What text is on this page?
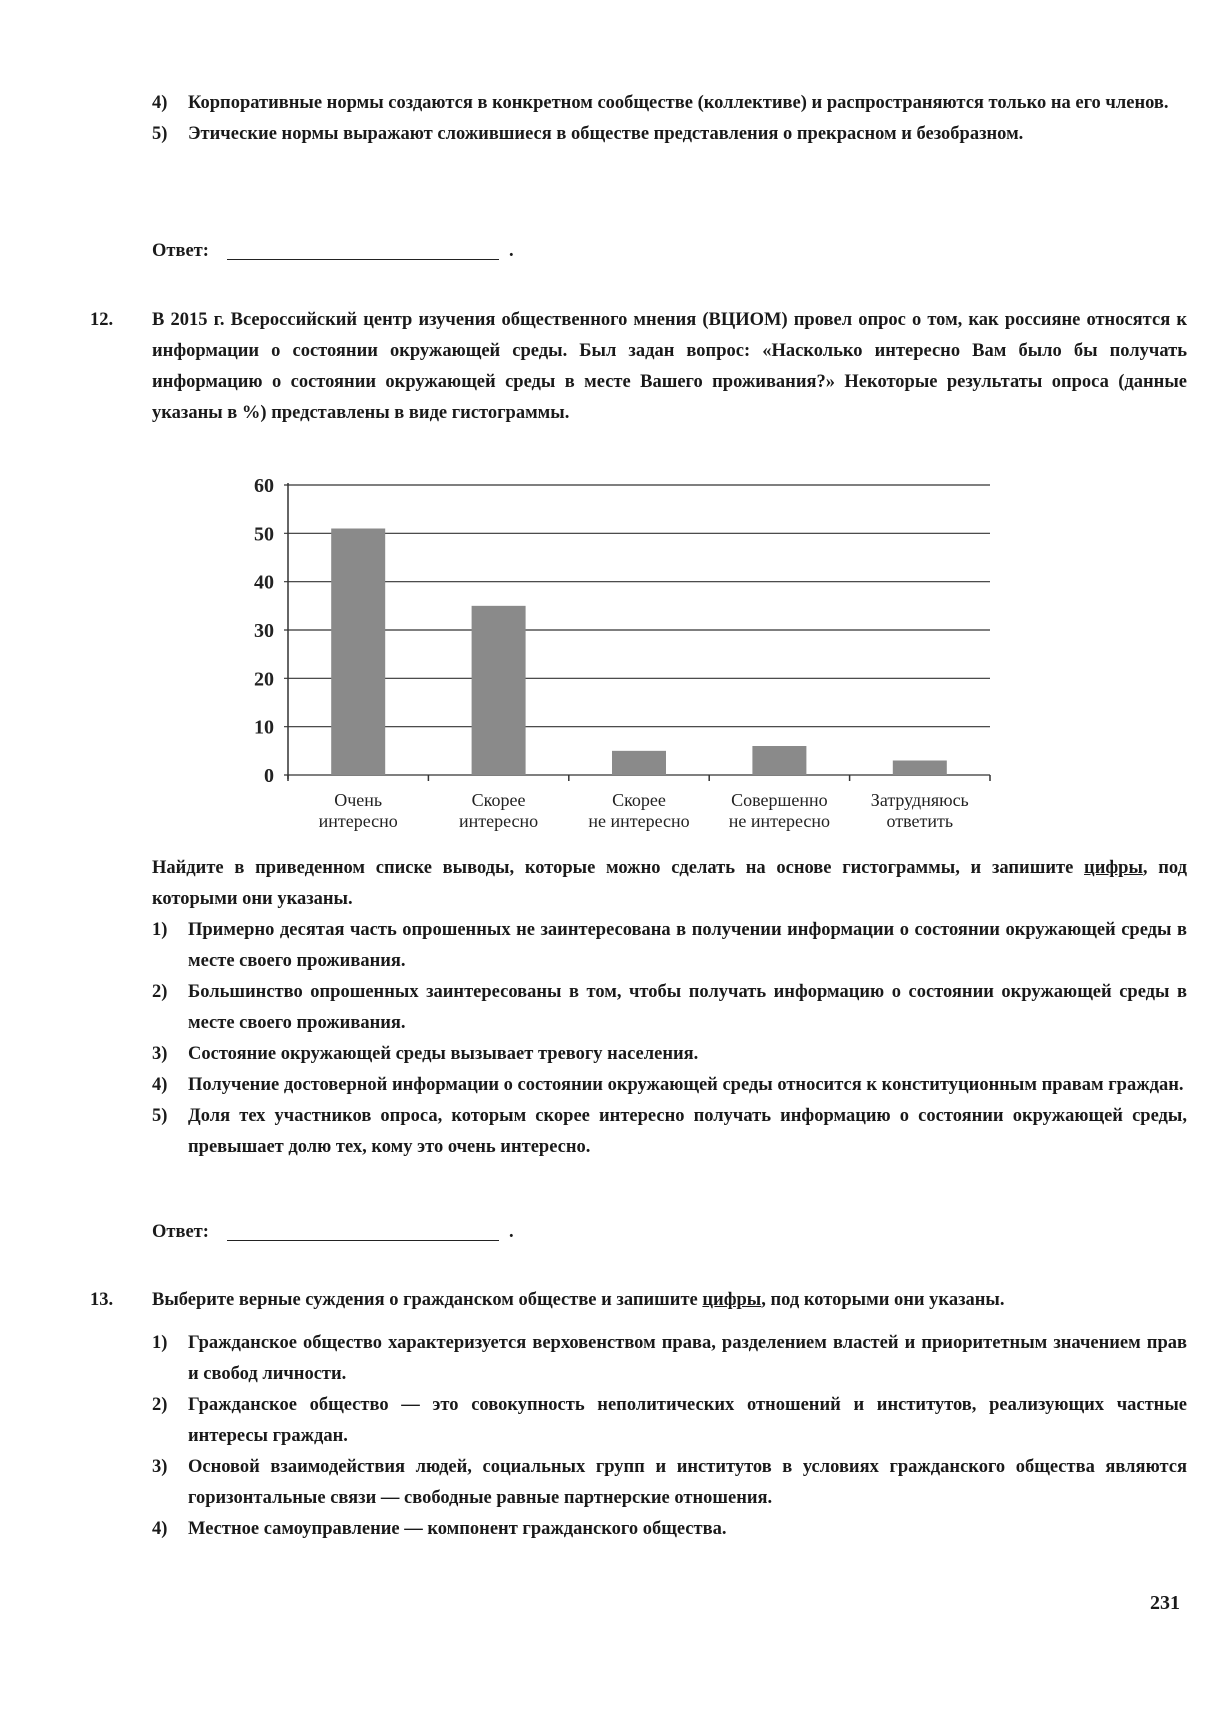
4)	Корпоративные нормы создаются в конкретном сообществе (коллективе) и распространяются только на его членов.
5)	Этические нормы выражают сложившиеся в обществе представления о прекрасном и безобразном.
Ответ:	.
12. В 2015 г. Всероссийский центр изучения общественного мнения (ВЦИОМ) провел опрос о том, как россияне относятся к информации о состоянии окружающей среды. Был задан вопрос: «Насколько интересно Вам было бы получать информацию о состоянии окружающей среды в месте Вашего проживания?» Некоторые результаты опроса (данные указаны в %) представлены в виде гистограммы.

0
10
20
30
40
50
60
Очень
интересно
Скорее
интересно
Скорее
не интересно
Совершенно
не интересно
Затрудняюсь
ответить

Найдите в приведенном списке выводы, которые можно сделать на основе гистограммы, и запишите цифры, под которыми они указаны.

1)	Примерно десятая часть опрошенных не заинтересована в получении информации о состоянии окружающей среды в месте своего проживания.
2)	Большинство опрошенных заинтересованы в том, чтобы получать информацию о состоянии окружающей среды в месте своего проживания.
3)	Состояние окружающей среды вызывает тревогу населения.
4)	Получение достоверной информации о состоянии окружающей среды относится к конституционным правам граждан.
5)	Доля тех участников опроса, которым скорее интересно получать информацию о состоянии окружающей среды, превышает долю тех, кому это очень интересно.
Ответ:	.
13. Выберите верные суждения о гражданском обществе и запишите цифры, под которыми они указаны.

1)	Гражданское общество характеризуется верховенством права, разделением властей и приоритетным значением прав и свобод личности.
2)	Гражданское общество — это совокупность неполитических отношений и институтов, реализующих частные интересы граждан.
3)	Основой взаимодействия людей, социальных групп и институтов в условиях гражданского общества являются горизонтальные связи — свободные равные партнерские отношения.
4)	Местное самоуправление — компонент гражданского общества.
231
